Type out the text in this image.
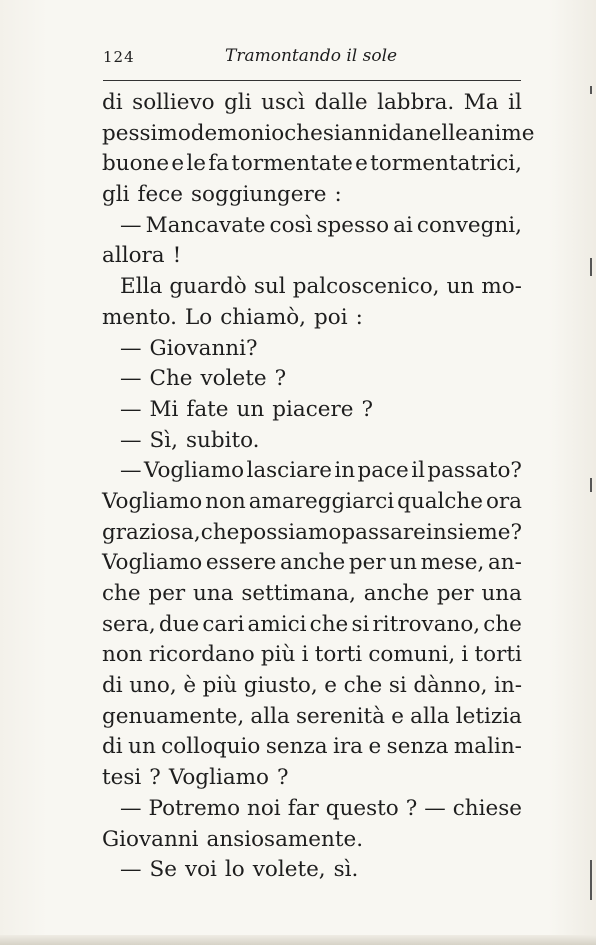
124	Tramontando il sole
di sollievo gli uscì dalle labbra. Ma il
pessimo demonio che si annida nelle anime
buone e le fa tormentate e tormentatrici,
gli fece soggiungere :
— Mancavate così spesso ai convegni,
allora !
Ella guardò sul palcoscenico, un mo-
mento. Lo chiamò, poi :
— Giovanni?
— Che volete ?
— Mi fate un piacere ?
— Sì, subito.
— Vogliamo lasciare in pace il passato?
Vogliamo non amareggiarci qualche ora
graziosa, che possiamo passare insieme?
Vogliamo essere anche per un mese, an-
che per una settimana, anche per una
sera, due cari amici che si ritrovano, che
non ricordano più i torti comuni, i torti
di uno, è più giusto, e che si dànno, in-
genuamente, alla serenità e alla letizia
di un colloquio senza ira e senza malin-
tesi ? Vogliamo ?
— Potremo noi far questo ? — chiese
Giovanni ansiosamente.
— Se voi lo volete, sì.
